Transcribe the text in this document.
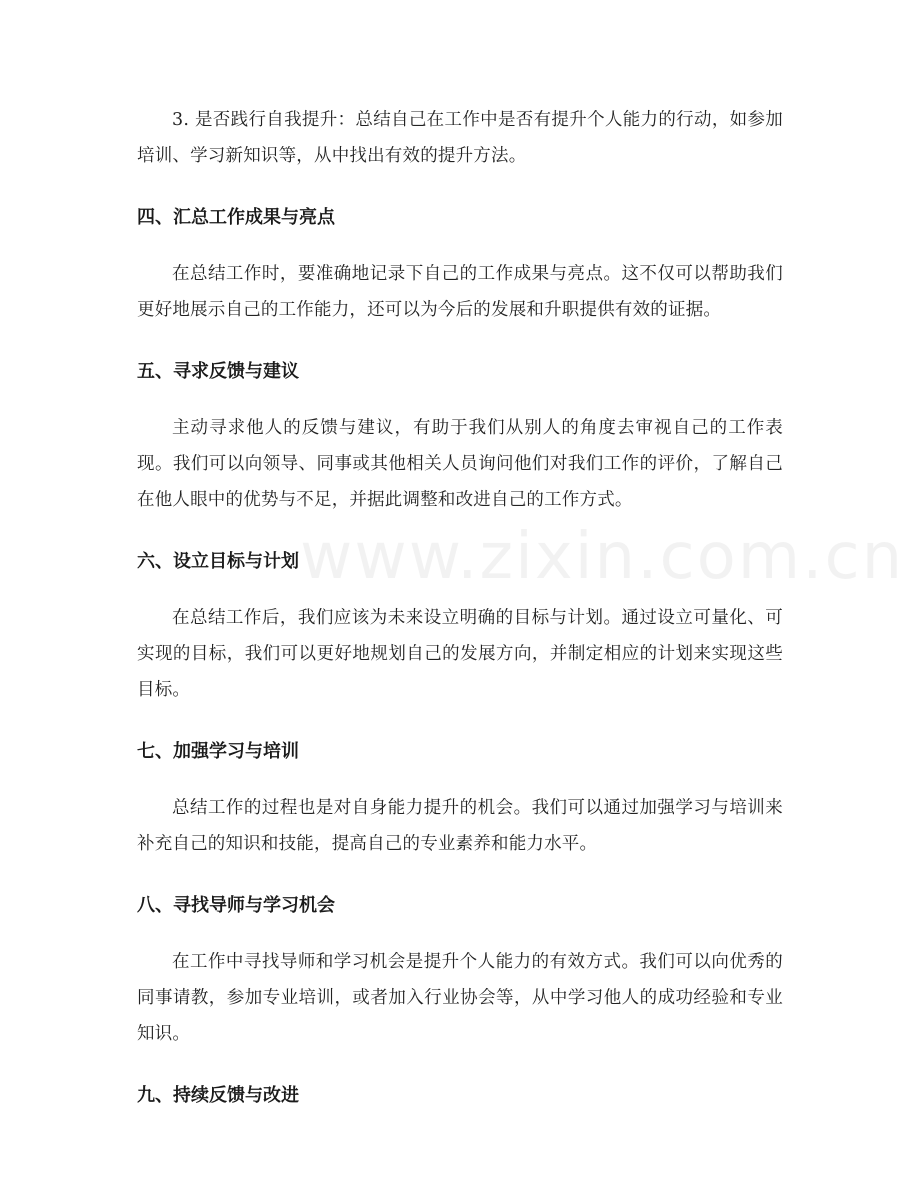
3. 是否践行自我提升：总结自己在工作中是否有提升个人能力的行动，如参加培训、学习新知识等，从中找出有效的提升方法。

四、汇总工作成果与亮点

在总结工作时，要准确地记录下自己的工作成果与亮点。这不仅可以帮助我们更好地展示自己的工作能力，还可以为今后的发展和升职提供有效的证据。

五、寻求反馈与建议

主动寻求他人的反馈与建议，有助于我们从别人的角度去审视自己的工作表现。我们可以向领导、同事或其他相关人员询问他们对我们工作的评价，了解自己在他人眼中的优势与不足，并据此调整和改进自己的工作方式。

六、设立目标与计划

在总结工作后，我们应该为未来设立明确的目标与计划。通过设立可量化、可实现的目标，我们可以更好地规划自己的发展方向，并制定相应的计划来实现这些目标。

七、加强学习与培训

总结工作的过程也是对自身能力提升的机会。我们可以通过加强学习与培训来补充自己的知识和技能，提高自己的专业素养和能力水平。

八、寻找导师与学习机会

在工作中寻找导师和学习机会是提升个人能力的有效方式。我们可以向优秀的同事请教，参加专业培训，或者加入行业协会等，从中学习他人的成功经验和专业知识。

九、持续反馈与改进
www.zixin.com.cn
